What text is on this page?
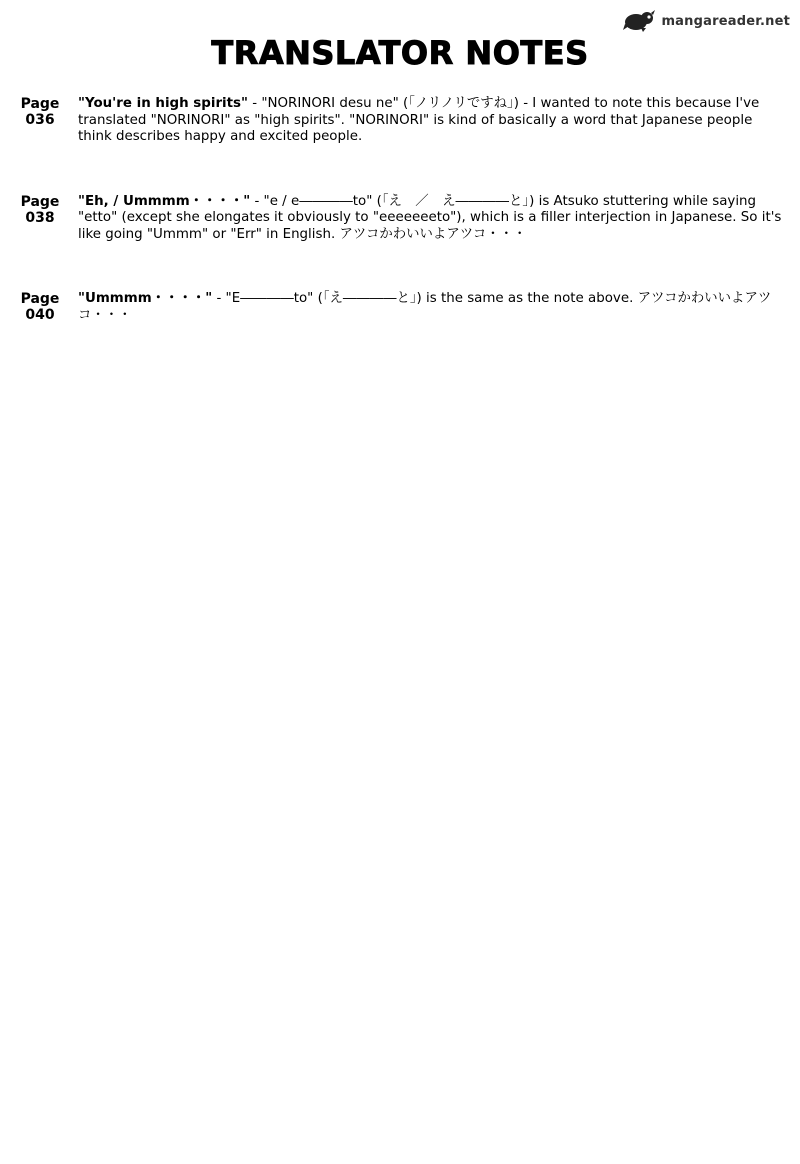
mangareader.net
TRANSLATOR NOTES
Page
036
"You're in high spirits" - "NORINORI desu ne" (「ノリノリですね」) - I wanted to note this because I've translated "NORINORI" as "high spirits". "NORINORI" is kind of basically a word that Japanese people think describes happy and excited people.
Page
038
"Eh, / Ummmm・・・・" - "e / e――――to" (「え　／　え――――と」) is Atsuko stuttering while saying "etto" (except she elongates it obviously to "eeeeeeeto"), which is a filler interjection in Japanese. So it's like going "Ummm" or "Err" in English. アツコかわいいよアツコ・・・
Page
040
"Ummmm・・・・" - "E――――to" (「え――――と」) is the same as the note above. アツコかわいいよアツコ・・・
